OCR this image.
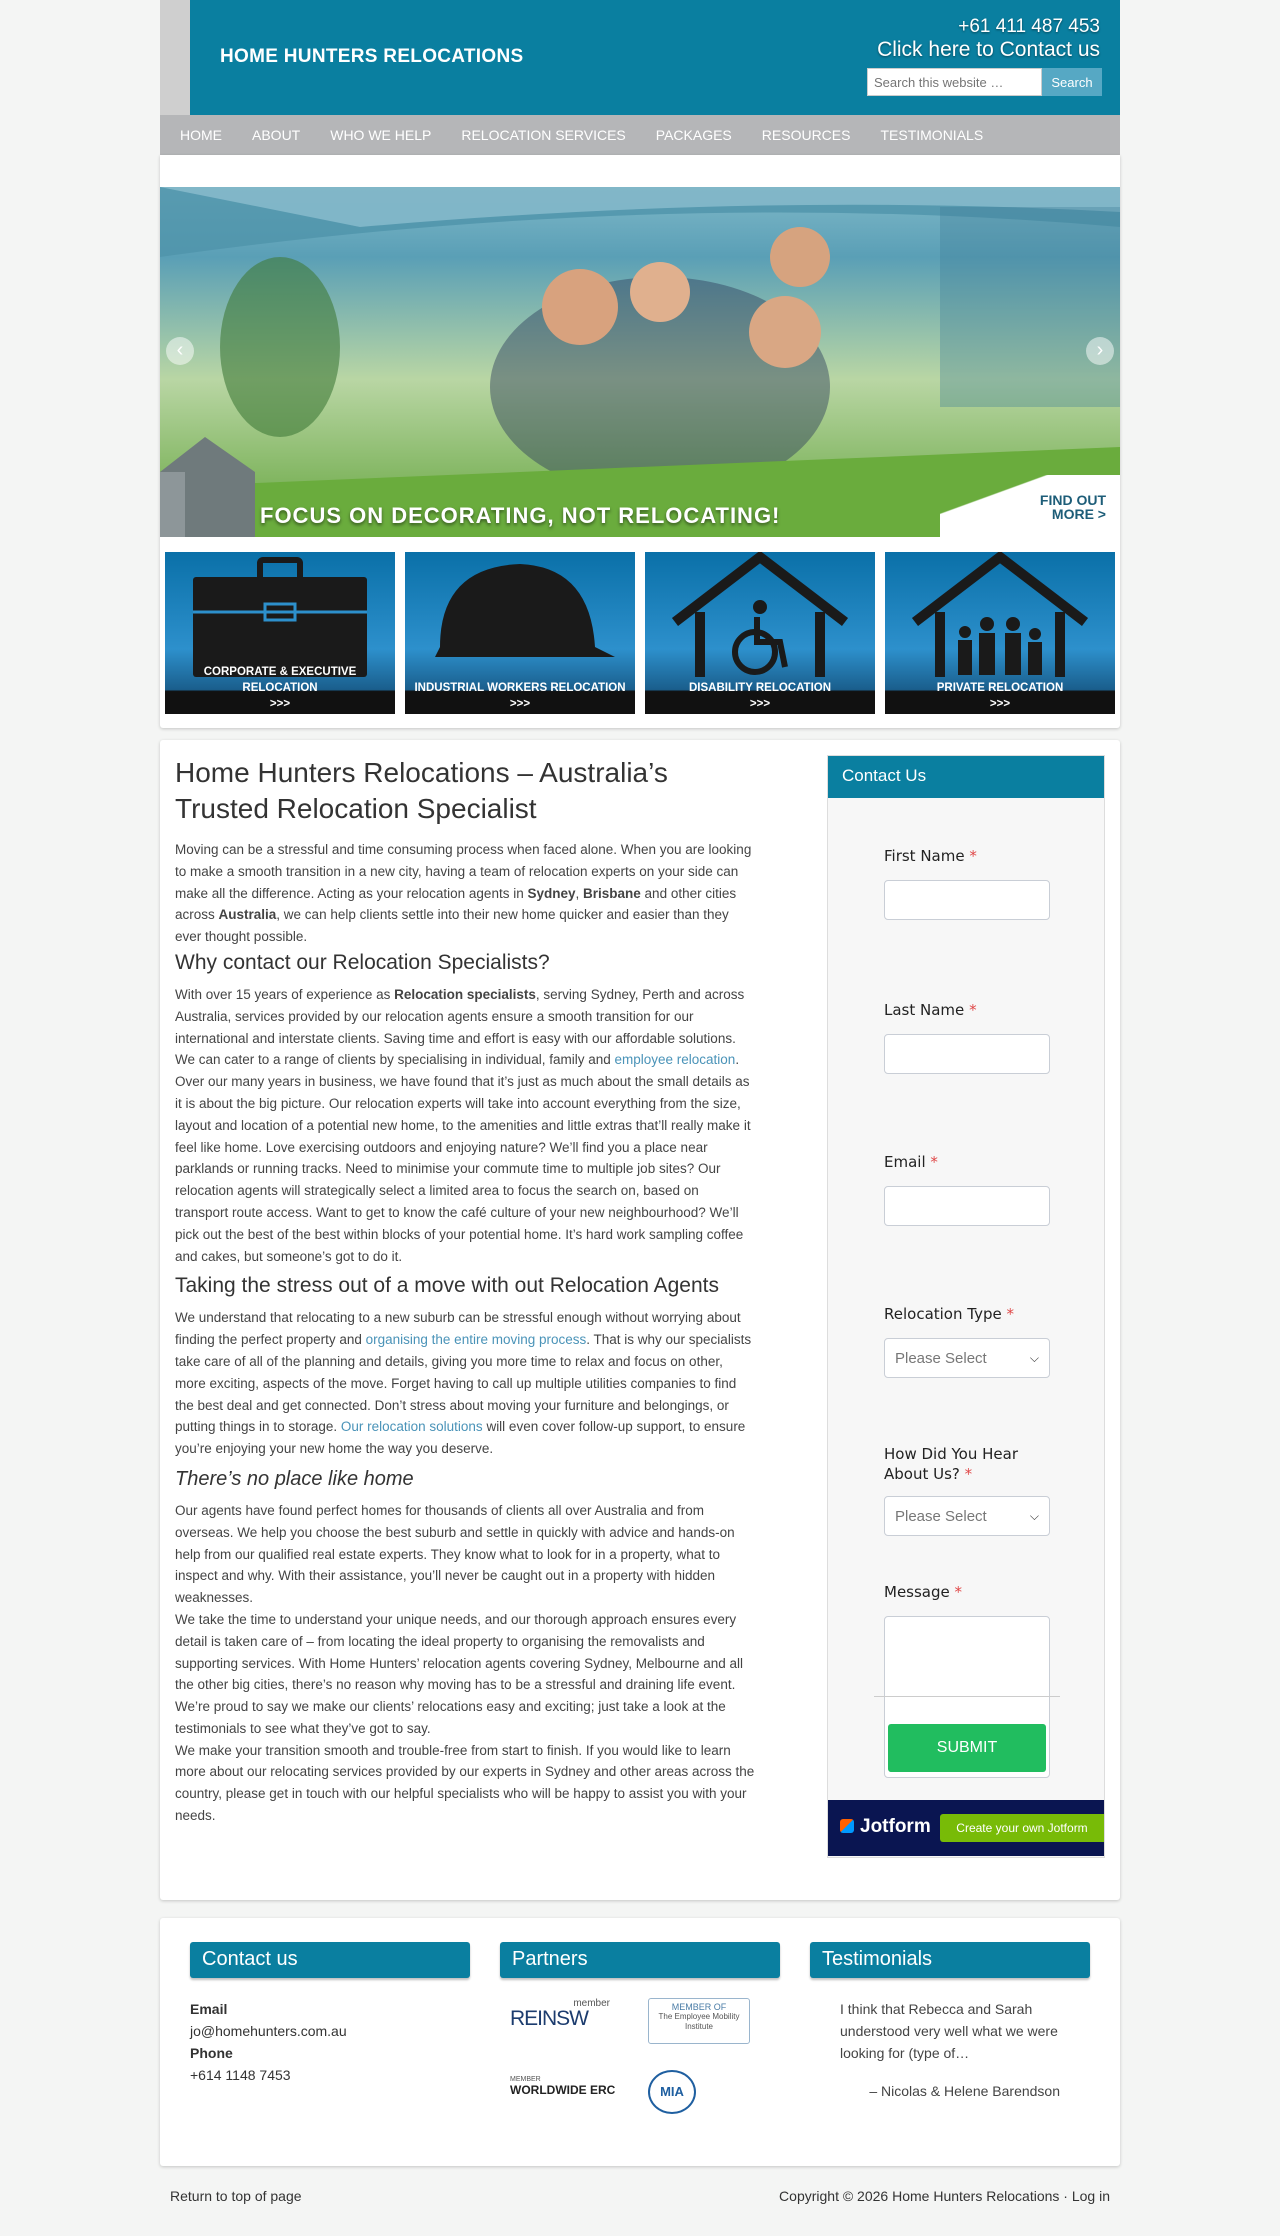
HOME HUNTERS RELOCATIONS
+61 411 487 453
Click here to Contact us
Search this website …
Search
HOME ABOUT WHO WE HELP RELOCATION SERVICES PACKAGES RESOURCES TESTIMONIALS
‹	›
FOCUS ON DECORATING, NOT RELOCATING!
FIND OUT MORE >
CORPORATE & EXECUTIVE RELOCATION
>>>
INDUSTRIAL WORKERS RELOCATION
>>>
DISABILITY RELOCATION
>>>
PRIVATE RELOCATION
>>>
Home Hunters Relocations – Australia’s Trusted Relocation Specialist

Moving can be a stressful and time consuming process when faced alone. When you are looking to make a smooth transition in a new city, having a team of relocation experts on your side can make all the difference. Acting as your relocation agents in Sydney, Brisbane and other cities across Australia, we can help clients settle into their new home quicker and easier than they ever thought possible.

Why contact our Relocation Specialists?

With over 15 years of experience as Relocation specialists, serving Sydney, Perth and across Australia, services provided by our relocation agents ensure a smooth transition for our international and interstate clients. Saving time and effort is easy with our affordable solutions. We can cater to a range of clients by specialising in individual, family and employee relocation.

Over our many years in business, we have found that it’s just as much about the small details as it is about the big picture. Our relocation experts will take into account everything from the size, layout and location of a potential new home, to the amenities and little extras that’ll really make it feel like home. Love exercising outdoors and enjoying nature? We’ll find you a place near parklands or running tracks. Need to minimise your commute time to multiple job sites? Our relocation agents will strategically select a limited area to focus the search on, based on transport route access. Want to get to know the café culture of your new neighbourhood? We’ll pick out the best of the best within blocks of your potential home. It’s hard work sampling coffee and cakes, but someone’s got to do it.

Taking the stress out of a move with out Relocation Agents

We understand that relocating to a new suburb can be stressful enough without worrying about finding the perfect property and organising the entire moving process. That is why our specialists take care of all of the planning and details, giving you more time to relax and focus on other, more exciting, aspects of the move. Forget having to call up multiple utilities companies to find the best deal and get connected. Don’t stress about moving your furniture and belongings, or putting things in to storage. Our relocation solutions will even cover follow-up support, to ensure you’re enjoying your new home the way you deserve.

There’s no place like home

Our agents have found perfect homes for thousands of clients all over Australia and from overseas. We help you choose the best suburb and settle in quickly with advice and hands-on help from our qualified real estate experts. They know what to look for in a property, what to inspect and why. With their assistance, you’ll never be caught out in a property with hidden weaknesses.

We take the time to understand your unique needs, and our thorough approach ensures every detail is taken care of – from locating the ideal property to organising the removalists and supporting services. With Home Hunters’ relocation agents covering Sydney, Melbourne and all the other big cities, there’s no reason why moving has to be a stressful and draining life event. We’re proud to say we make our clients’ relocations easy and exciting; just take a look at the testimonials to see what they’ve got to say.

We make your transition smooth and trouble-free from start to finish. If you would like to learn more about our relocating services provided by our experts in Sydney and other areas across the country, please get in touch with our helpful specialists who will be happy to assist you with your needs.

Contact Us
First Name *
Last Name *
Email *
Relocation Type *
Please Select	⌵
How Did You Hear About Us? *
Please Select	⌵
Message *
SUBMIT
Jotform	Create your own Jotform
Contact us
Email
jo@homehunters.com.au
Phone
+614 1148 7453
Partners
member
REINSW	MEMBER OF
The Employee Mobility Institute
MEMBER
WORLDWIDE ERC	MIA
Testimonials
I think that Rebecca and Sarah understood very well what we were looking for (type of…
– Nicolas & Helene Barendson
Return to top of page	Copyright © 2026 Home Hunters Relocations · Log in
